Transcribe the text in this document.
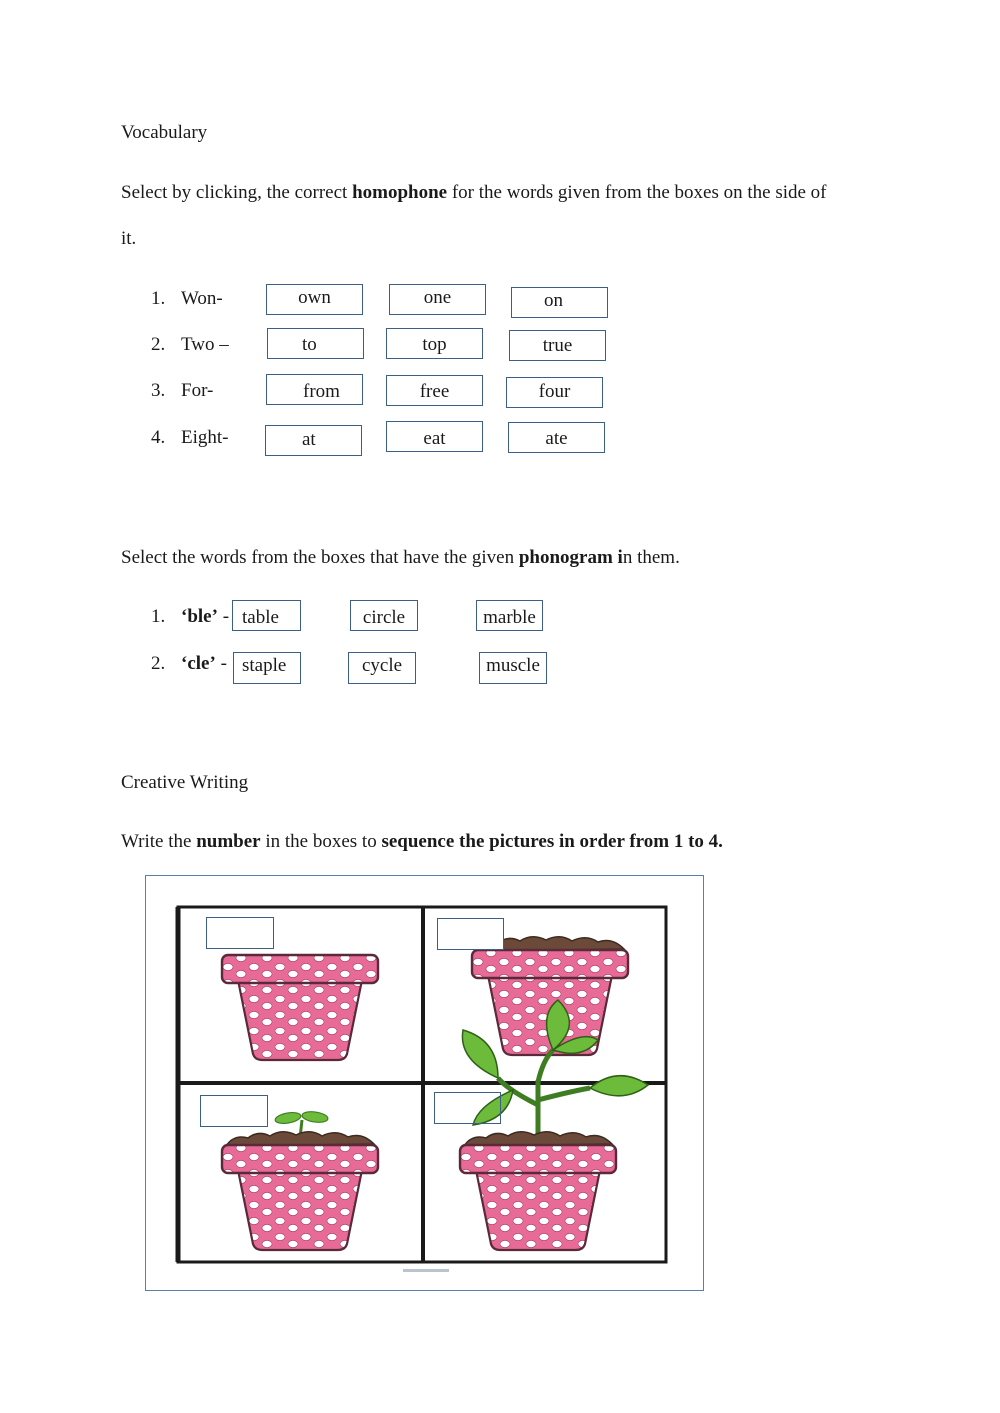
Vocabulary
Select by clicking, the correct homophone for the words given from the boxes on the side of
it.
1. Won-	own	one	on
2. Two –	to	top	true
3. For-	from	free	four
4. Eight-	at	eat	ate
Select the words from the boxes that have the given phonogram in them.
1. ‘ble’ - table	circle	marble
2. ‘cle’ - staple	cycle	muscle
Creative Writing
Write the number in the boxes to sequence the pictures in order from 1 to 4.
